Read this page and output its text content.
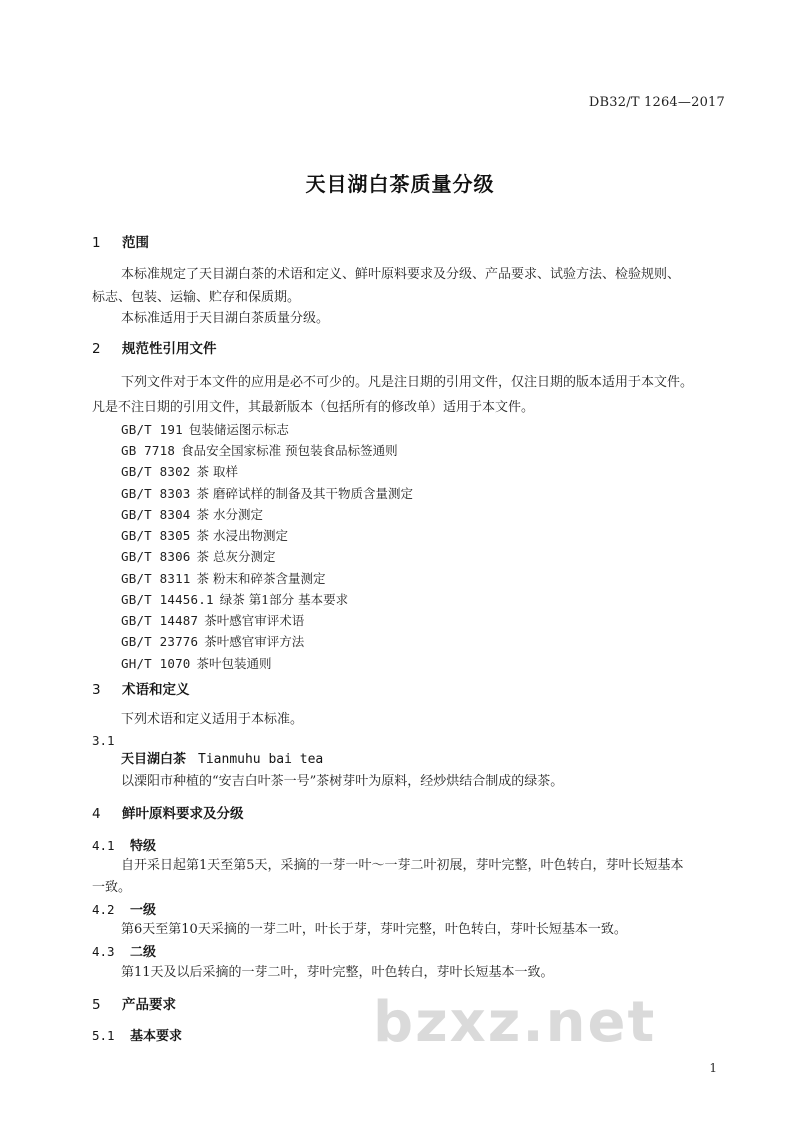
DB32/T 1264—2017
天目湖白茶质量分级
1 范围
本标准规定了天目湖白茶的术语和定义、鲜叶原料要求及分级、产品要求、试验方法、检验规则、
标志、包装、运输、贮存和保质期。
本标准适用于天目湖白茶质量分级。
2 规范性引用文件
下列文件对于本文件的应用是必不可少的。凡是注日期的引用文件，仅注日期的版本适用于本文件。
凡是不注日期的引用文件，其最新版本（包括所有的修改单）适用于本文件。
GB/T 191 包装储运图示标志
GB 7718 食品安全国家标准 预包装食品标签通则
GB/T 8302 茶 取样
GB/T 8303 茶 磨碎试样的制备及其干物质含量测定
GB/T 8304 茶 水分测定
GB/T 8305 茶 水浸出物测定
GB/T 8306 茶 总灰分测定
GB/T 8311 茶 粉末和碎茶含量测定
GB/T 14456.1 绿茶 第1部分 基本要求
GB/T 14487 茶叶感官审评术语
GB/T 23776 茶叶感官审评方法
GH/T 1070 茶叶包装通则
3 术语和定义
下列术语和定义适用于本标准。
3.1
天目湖白茶 Tianmuhu bai tea
以溧阳市种植的“安吉白叶茶一号”茶树芽叶为原料，经炒烘结合制成的绿茶。
4 鲜叶原料要求及分级
4.1 特级
自开采日起第1天至第5天，采摘的一芽一叶～一芽二叶初展，芽叶完整，叶色转白，芽叶长短基本
一致。
4.2 一级
第6天至第10天采摘的一芽二叶，叶长于芽，芽叶完整，叶色转白，芽叶长短基本一致。
4.3 二级
第11天及以后采摘的一芽二叶，芽叶完整，叶色转白，芽叶长短基本一致。
5 产品要求
5.1 基本要求	bzxz.net
1
